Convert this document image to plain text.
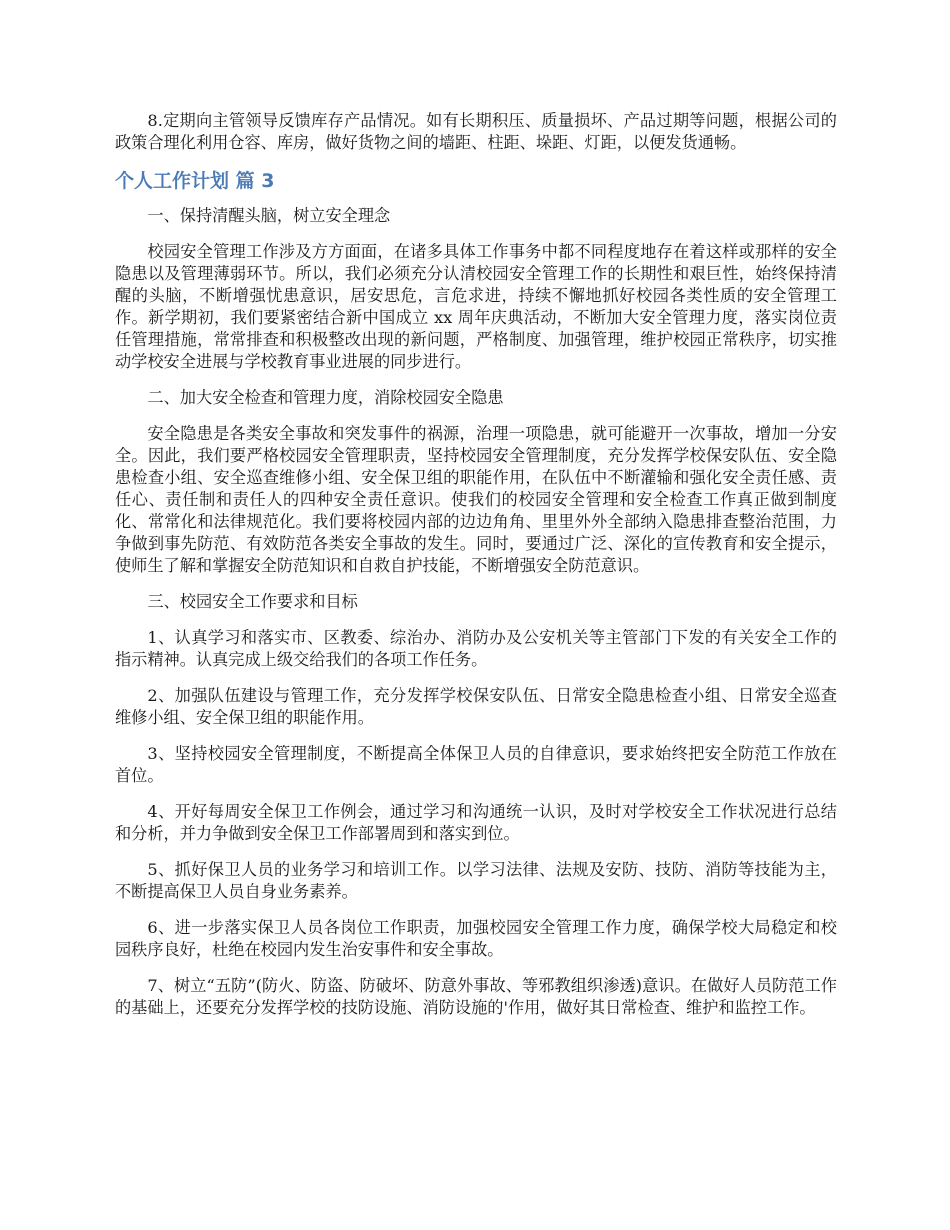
8.定期向主管领导反馈库存产品情况。如有长期积压、质量损坏、产品过期等问题，根据公司的政策合理化利用仓容、库房，做好货物之间的墙距、柱距、垛距、灯距，以便发货通畅。

个人工作计划 篇 3

一、保持清醒头脑，树立安全理念

校园安全管理工作涉及方方面面，在诸多具体工作事务中都不同程度地存在着这样或那样的安全隐患以及管理薄弱环节。所以，我们必须充分认清校园安全管理工作的长期性和艰巨性，始终保持清醒的头脑，不断增强忧患意识，居安思危，言危求进，持续不懈地抓好校园各类性质的安全管理工作。新学期初，我们要紧密结合新中国成立 xx 周年庆典活动，不断加大安全管理力度，落实岗位责任管理措施，常常排查和积极整改出现的新问题，严格制度、加强管理，维护校园正常秩序，切实推动学校安全进展与学校教育事业进展的同步进行。

二、加大安全检查和管理力度，消除校园安全隐患

安全隐患是各类安全事故和突发事件的祸源，治理一项隐患，就可能避开一次事故，增加一分安全。因此，我们要严格校园安全管理职责，坚持校园安全管理制度，充分发挥学校保安队伍、安全隐患检查小组、安全巡查维修小组、安全保卫组的职能作用，在队伍中不断灌输和强化安全责任感、责任心、责任制和责任人的四种安全责任意识。使我们的校园安全管理和安全检查工作真正做到制度化、常常化和法律规范化。我们要将校园内部的边边角角、里里外外全部纳入隐患排查整治范围，力争做到事先防范、有效防范各类安全事故的发生。同时，要通过广泛、深化的宣传教育和安全提示，使师生了解和掌握安全防范知识和自救自护技能，不断增强安全防范意识。

三、校园安全工作要求和目标

1、认真学习和落实市、区教委、综治办、消防办及公安机关等主管部门下发的有关安全工作的指示精神。认真完成上级交给我们的各项工作任务。

2、加强队伍建设与管理工作，充分发挥学校保安队伍、日常安全隐患检查小组、日常安全巡查维修小组、安全保卫组的职能作用。

3、坚持校园安全管理制度，不断提高全体保卫人员的自律意识，要求始终把安全防范工作放在首位。

4、开好每周安全保卫工作例会，通过学习和沟通统一认识，及时对学校安全工作状况进行总结和分析，并力争做到安全保卫工作部署周到和落实到位。

5、抓好保卫人员的业务学习和培训工作。以学习法律、法规及安防、技防、消防等技能为主，不断提高保卫人员自身业务素养。

6、进一步落实保卫人员各岗位工作职责，加强校园安全管理工作力度，确保学校大局稳定和校园秩序良好，杜绝在校园内发生治安事件和安全事故。

7、树立“五防”(防火、防盗、防破坏、防意外事故、等邪教组织渗透)意识。在做好人员防范工作的基础上，还要充分发挥学校的技防设施、消防设施的'作用，做好其日常检查、维护和监控工作。
